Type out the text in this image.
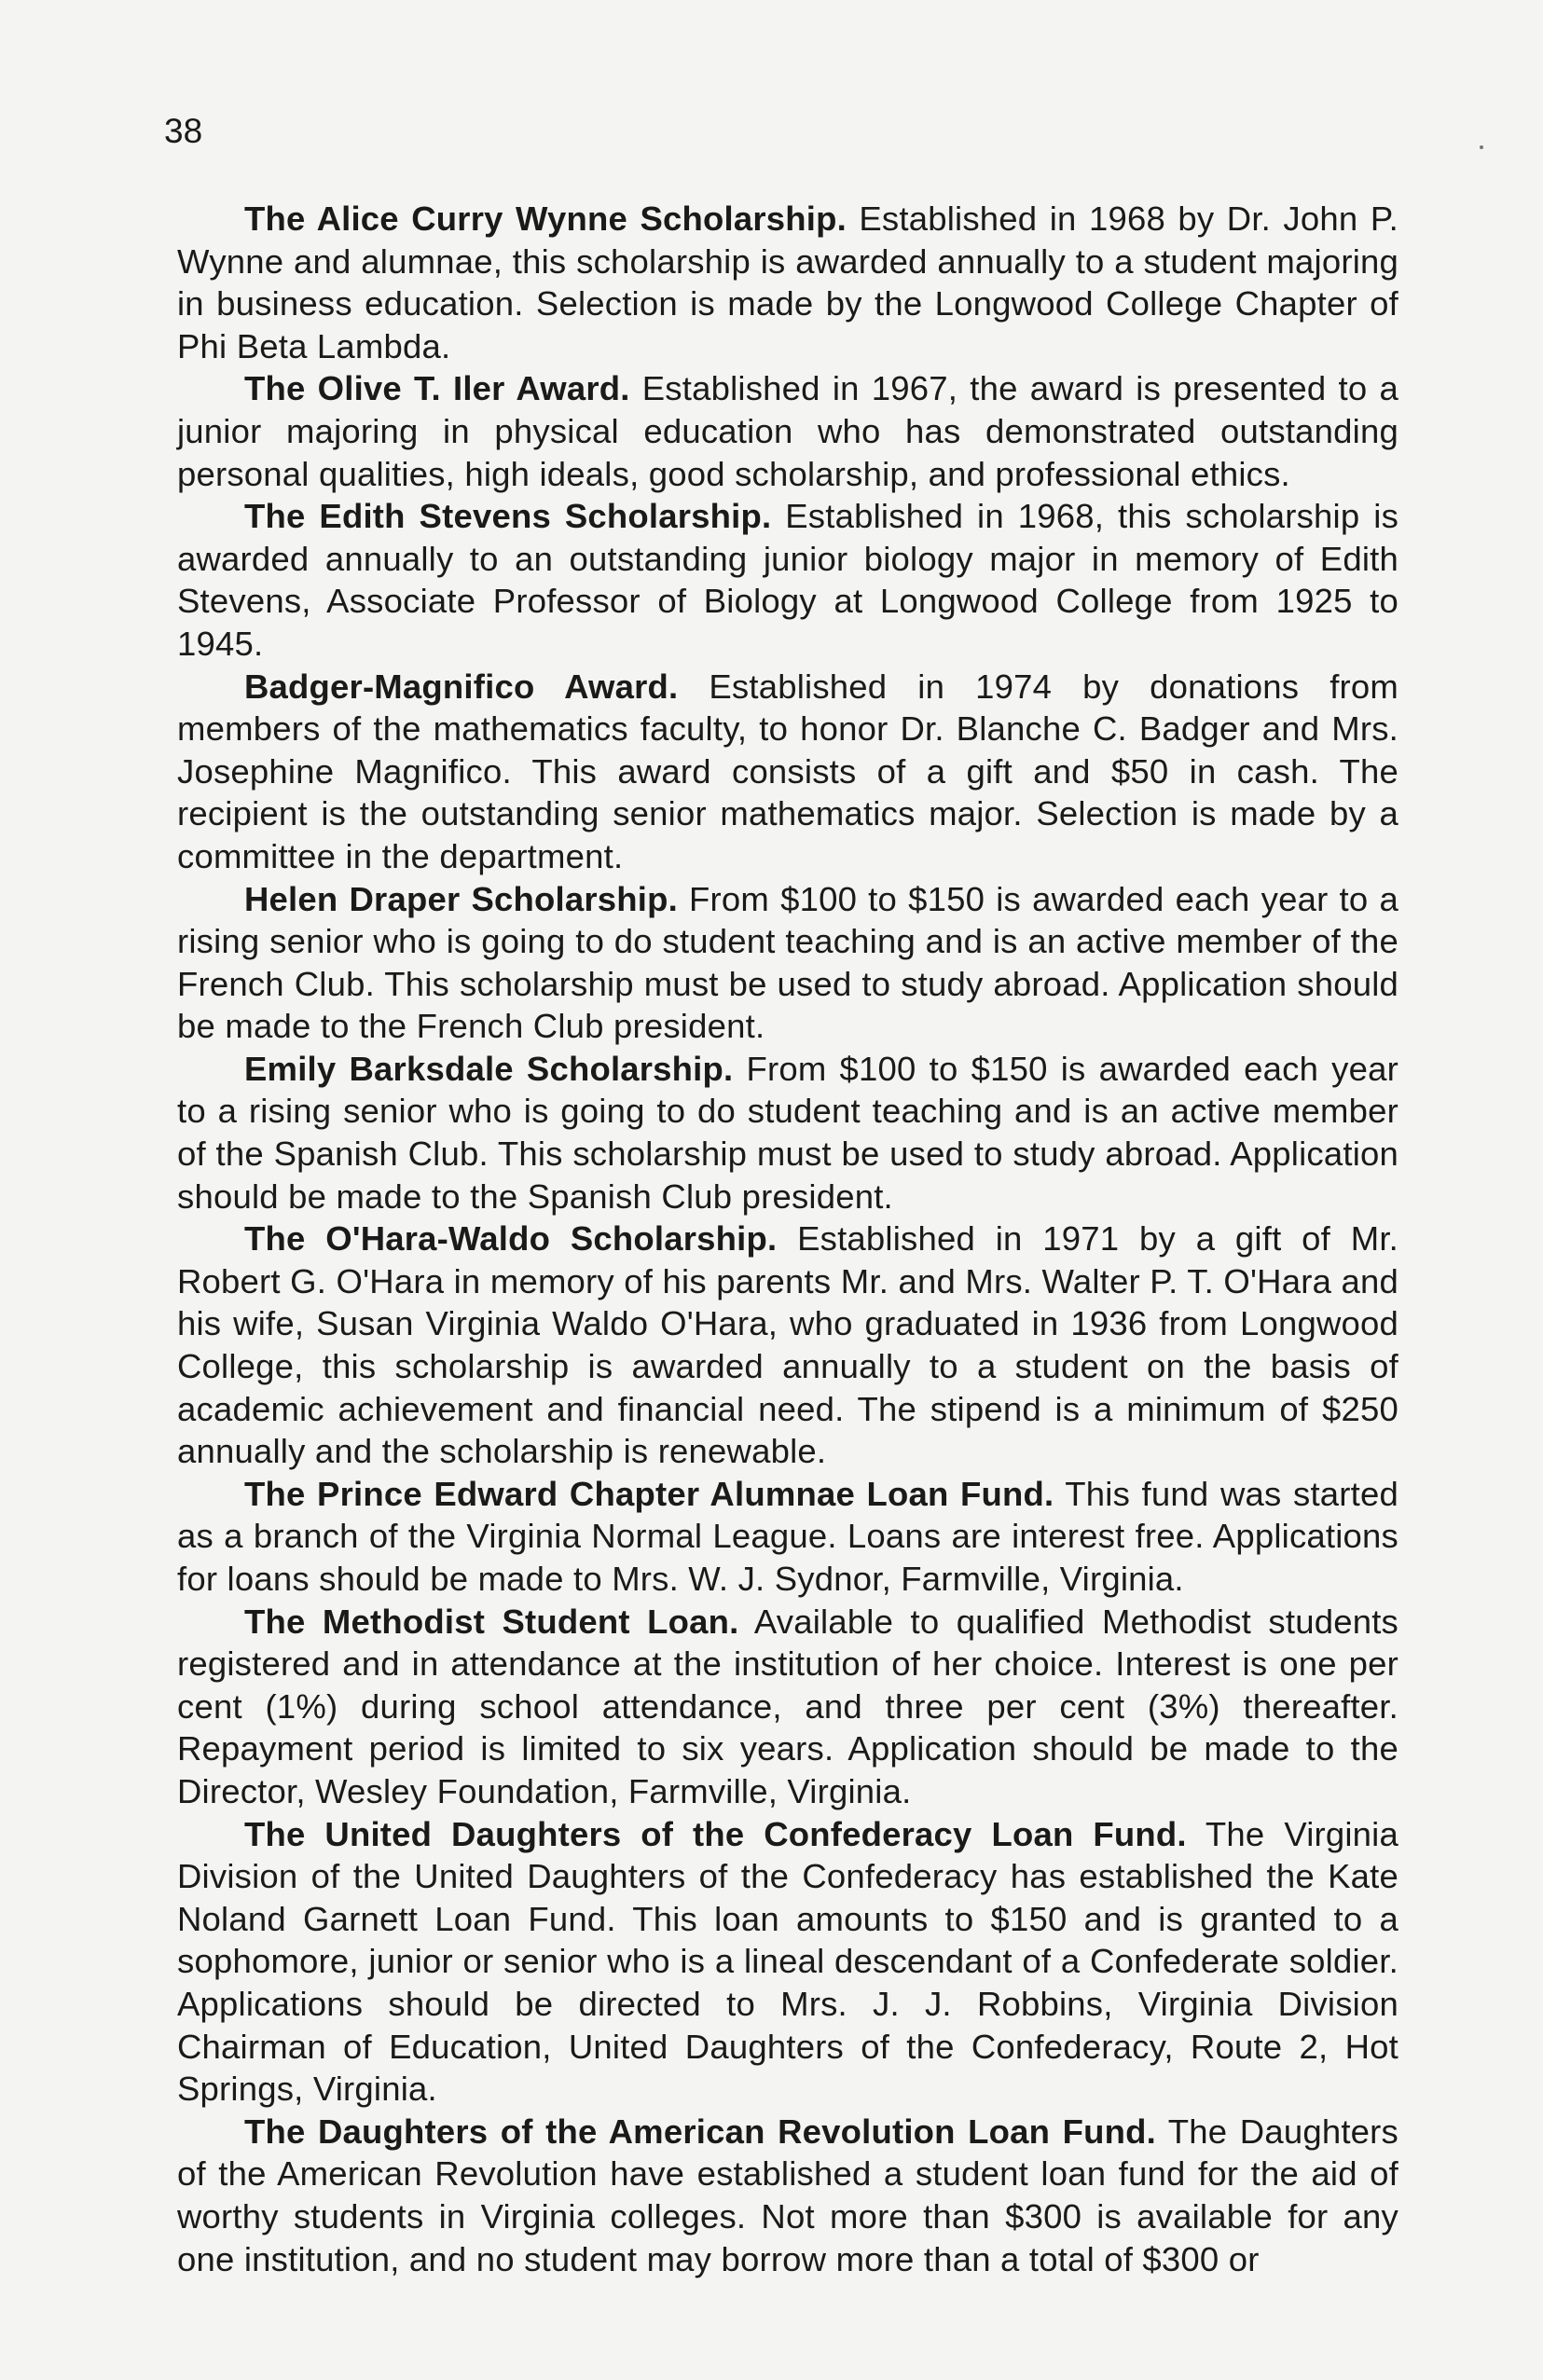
38

The Alice Curry Wynne Scholarship. Established in 1968 by Dr. John P. Wynne and alumnae, this scholarship is awarded annually to a student majoring in business education. Selection is made by the Longwood College Chapter of Phi Beta Lambda.

The Olive T. Iler Award. Established in 1967, the award is presented to a junior majoring in physical education who has demonstrated outstanding personal qualities, high ideals, good scholarship, and professional ethics.

The Edith Stevens Scholarship. Established in 1968, this scholarship is awarded annually to an outstanding junior biology major in memory of Edith Stevens, Associate Professor of Biology at Longwood College from 1925 to 1945.

Badger-Magnifico Award. Established in 1974 by donations from members of the mathematics faculty, to honor Dr. Blanche C. Badger and Mrs. Josephine Magnifico. This award consists of a gift and $50 in cash. The recipient is the outstanding senior mathematics major. Selection is made by a committee in the department.

Helen Draper Scholarship. From $100 to $150 is awarded each year to a rising senior who is going to do student teaching and is an active member of the French Club. This scholarship must be used to study abroad. Application should be made to the French Club president.

Emily Barksdale Scholarship. From $100 to $150 is awarded each year to a rising senior who is going to do student teaching and is an active member of the Spanish Club. This scholarship must be used to study abroad. Application should be made to the Spanish Club president.

The O'Hara-Waldo Scholarship. Established in 1971 by a gift of Mr. Robert G. O'Hara in memory of his parents Mr. and Mrs. Walter P. T. O'Hara and his wife, Susan Virginia Waldo O'Hara, who graduated in 1936 from Longwood College, this scholarship is awarded annually to a student on the basis of academic achievement and financial need. The stipend is a minimum of $250 annually and the scholarship is renewable.

The Prince Edward Chapter Alumnae Loan Fund. This fund was started as a branch of the Virginia Normal League. Loans are interest free. Applications for loans should be made to Mrs. W. J. Sydnor, Farmville, Virginia.

The Methodist Student Loan. Available to qualified Methodist students registered and in attendance at the institution of her choice. Interest is one per cent (1%) during school attendance, and three per cent (3%) thereafter. Repayment period is limited to six years. Application should be made to the Director, Wesley Foundation, Farmville, Virginia.

The United Daughters of the Confederacy Loan Fund. The Virginia Division of the United Daughters of the Confederacy has established the Kate Noland Garnett Loan Fund. This loan amounts to $150 and is granted to a sophomore, junior or senior who is a lineal descendant of a Confederate soldier. Applications should be directed to Mrs. J. J. Robbins, Virginia Division Chairman of Education, United Daughters of the Confederacy, Route 2, Hot Springs, Virginia.

The Daughters of the American Revolution Loan Fund. The Daughters of the American Revolution have established a student loan fund for the aid of worthy students in Virginia colleges. Not more than $300 is available for any one institution, and no student may borrow more than a total of $300 or
